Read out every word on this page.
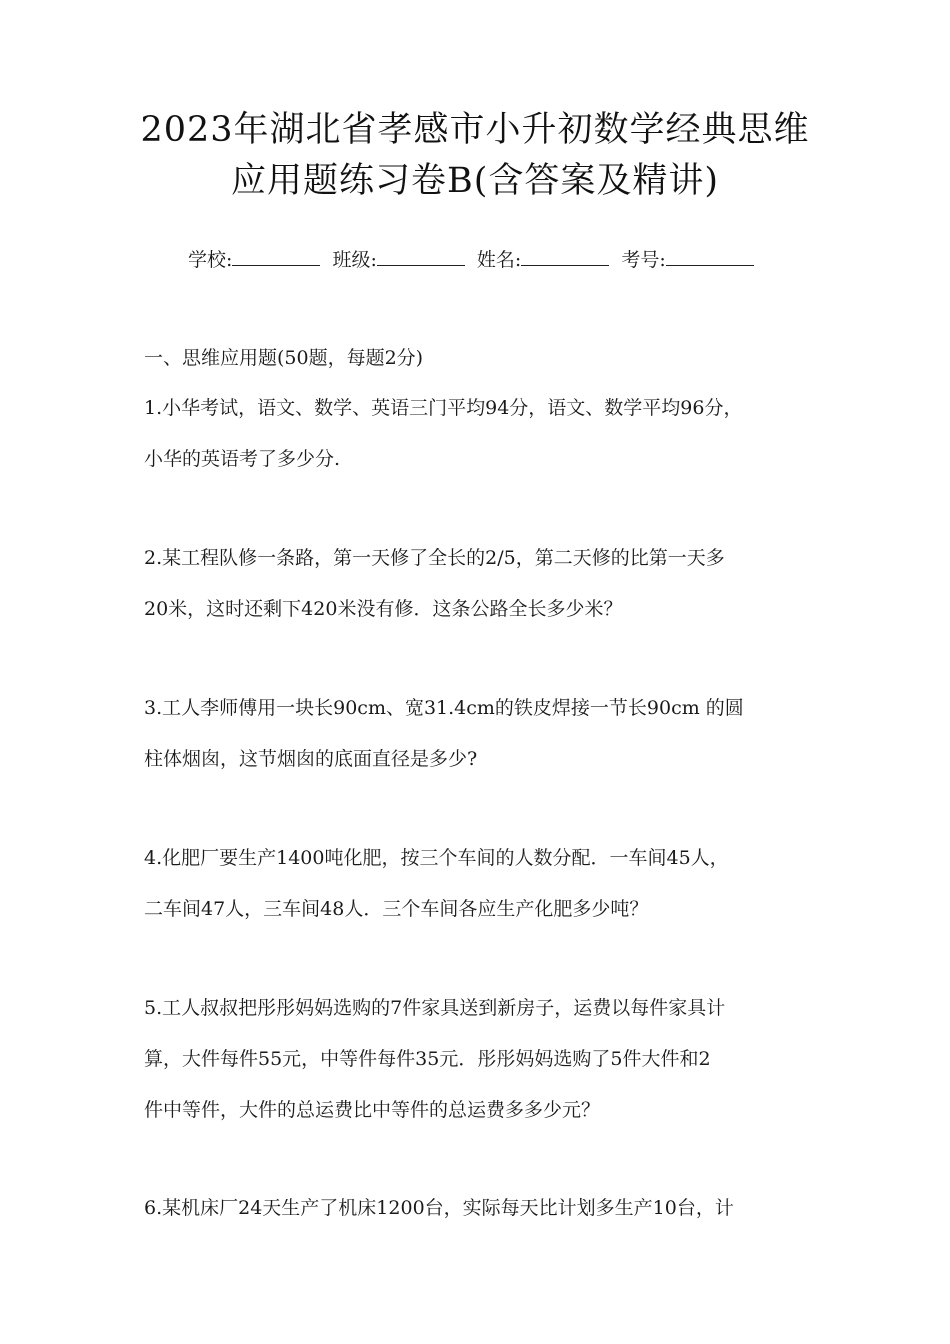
2023年湖北省孝感市小升初数学经典思维
应用题练习卷B(含答案及精讲)
学校:	班级:	姓名:	考号:
一、思维应用题(50题，每题2分)
1.小华考试，语文、数学、英语三门平均94分，语文、数学平均96分，
小华的英语考了多少分.
2.某工程队修一条路，第一天修了全长的2/5，第二天修的比第一天多
20米，这时还剩下420米没有修．这条公路全长多少米？
3.工人李师傅用一块长90cm、宽31.4cm的铁皮焊接一节长90cm 的圆
柱体烟囱，这节烟囱的底面直径是多少?
4.化肥厂要生产1400吨化肥，按三个车间的人数分配．一车间45人，
二车间47人，三车间48人．三个车间各应生产化肥多少吨？
5.工人叔叔把彤彤妈妈选购的7件家具送到新房子，运费以每件家具计
算，大件每件55元，中等件每件35元．彤彤妈妈选购了5件大件和2
件中等件，大件的总运费比中等件的总运费多多少元？
6.某机床厂24天生产了机床1200台，实际每天比计划多生产10台，计
